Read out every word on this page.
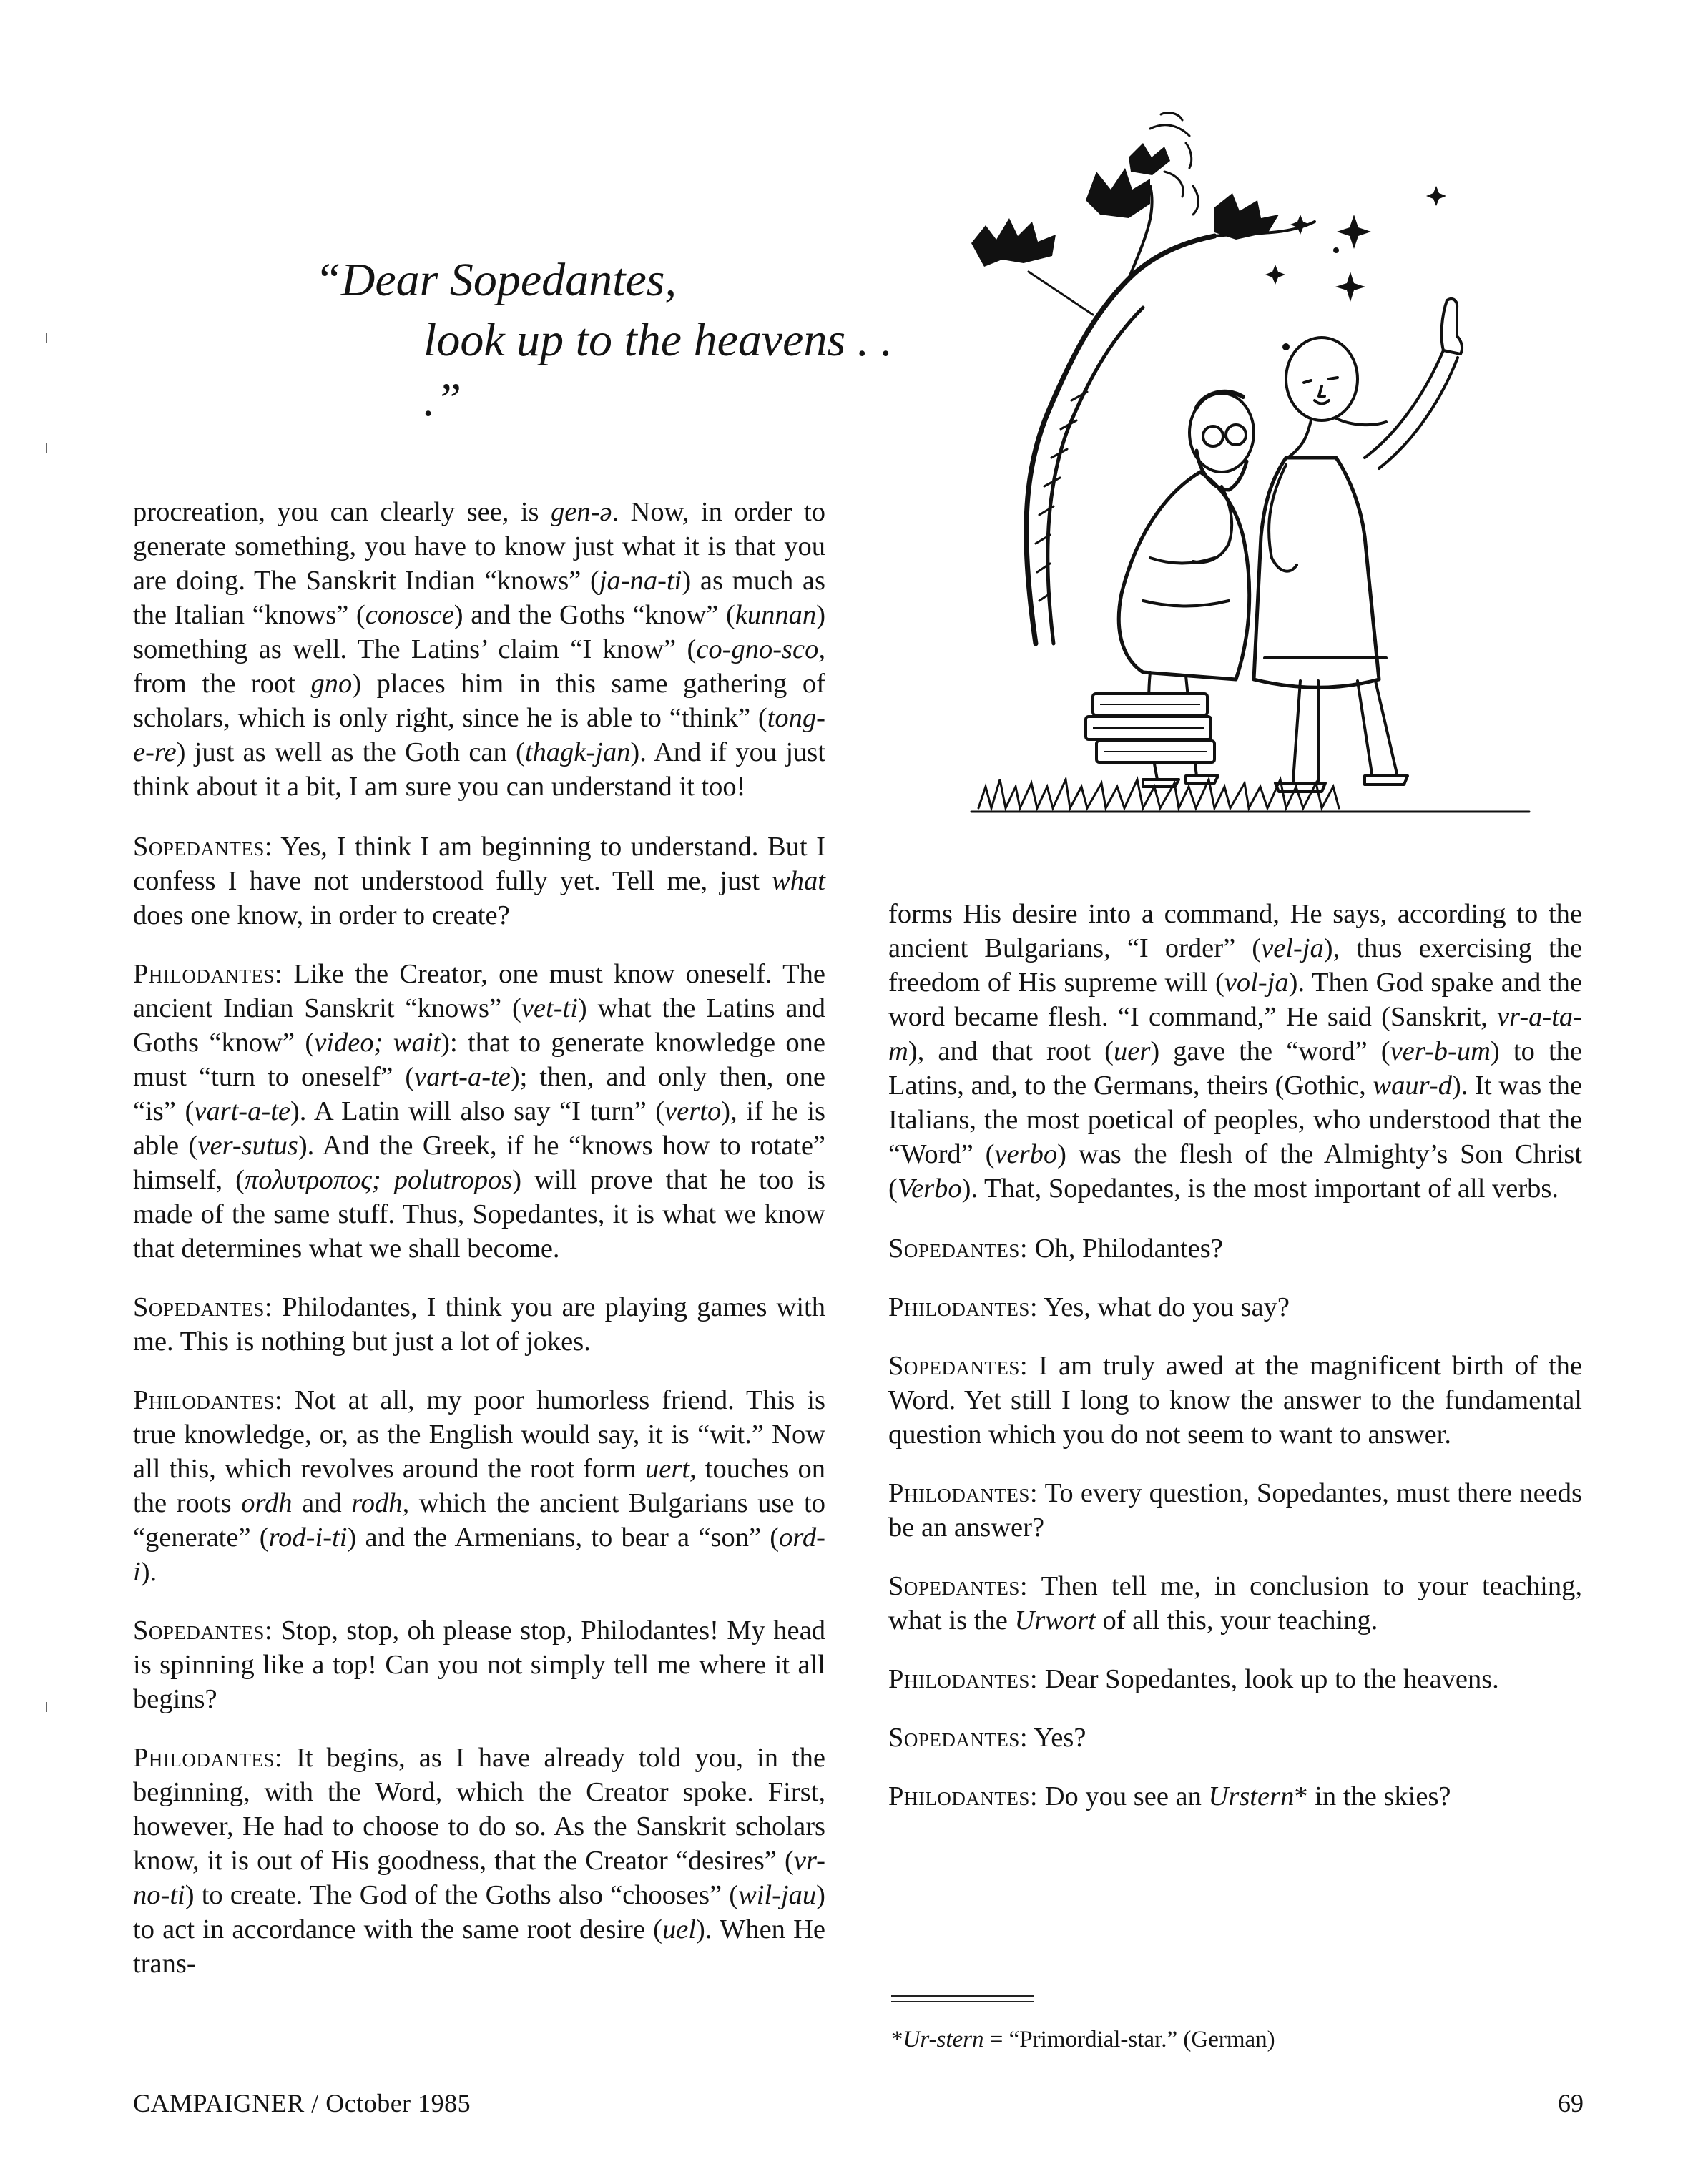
“Dear Sopedantes,
look up to the heavens . . .”

procreation, you can clearly see, is gen-ə. Now, in order to generate something, you have to know just what it is that you are doing. The Sanskrit Indian “knows” (ja-na-ti) as much as the Italian “knows” (conosce) and the Goths “know” (kunnan) something as well. The Latins’ claim “I know” (co-gno-sco, from the root gno) places him in this same gathering of scholars, which is only right, since he is able to “think” (tong-e-re) just as well as the Goth can (thagk-jan). And if you just think about it a bit, I am sure you can understand it too!

Sopedantes: Yes, I think I am beginning to understand. But I confess I have not understood fully yet. Tell me, just what does one know, in order to create?

Philodantes: Like the Creator, one must know oneself. The ancient Indian Sanskrit “knows” (vet-ti) what the Latins and Goths “know” (video; wait): that to generate knowledge one must “turn to oneself” (vart-a-te); then, and only then, one “is” (vart-a-te). A Latin will also say “I turn” (verto), if he is able (ver-sutus). And the Greek, if he “knows how to rotate” himself, (πολυτροπος; polutropos) will prove that he too is made of the same stuff. Thus, Sopedantes, it is what we know that determines what we shall become.

Sopedantes: Philodantes, I think you are playing games with me. This is nothing but just a lot of jokes.

Philodantes: Not at all, my poor humorless friend. This is true knowledge, or, as the English would say, it is “wit.” Now all this, which revolves around the root form uert, touches on the roots ordh and rodh, which the ancient Bulgarians use to “generate” (rod-i-ti) and the Armenians, to bear a “son” (ord-i).

Sopedantes: Stop, stop, oh please stop, Philodantes! My head is spinning like a top! Can you not simply tell me where it all begins?

Philodantes: It begins, as I have already told you, in the beginning, with the Word, which the Creator spoke. First, however, He had to choose to do so. As the Sanskrit scholars know, it is out of His goodness, that the Creator “desires” (vr-no-ti) to create. The God of the Goths also “chooses” (wil-jau) to act in accordance with the same root desire (uel). When He trans-

forms His desire into a command, He says, according to the ancient Bulgarians, “I order” (vel-ja), thus exercising the freedom of His supreme will (vol-ja). Then God spake and the word became flesh. “I command,” He said (Sanskrit, vr-a-ta-m), and that root (uer) gave the “word” (ver-b-um) to the Latins, and, to the Germans, theirs (Gothic, waur-d). It was the Italians, the most poetical of peoples, who understood that the “Word” (verbo) was the flesh of the Almighty’s Son Christ (Verbo). That, Sopedantes, is the most important of all verbs.

Sopedantes: Oh, Philodantes?

Philodantes: Yes, what do you say?

Sopedantes: I am truly awed at the magnificent birth of the Word. Yet still I long to know the answer to the fundamental question which you do not seem to want to answer.

Philodantes: To every question, Sopedantes, must there needs be an answer?

Sopedantes: Then tell me, in conclusion to your teaching, what is the Urwort of all this, your teaching.

Philodantes: Dear Sopedantes, look up to the heavens.

Sopedantes: Yes?

Philodantes: Do you see an Urstern* in the skies?

*Ur-stern = “Primordial-star.” (German)
CAMPAIGNER / October 1985	69
